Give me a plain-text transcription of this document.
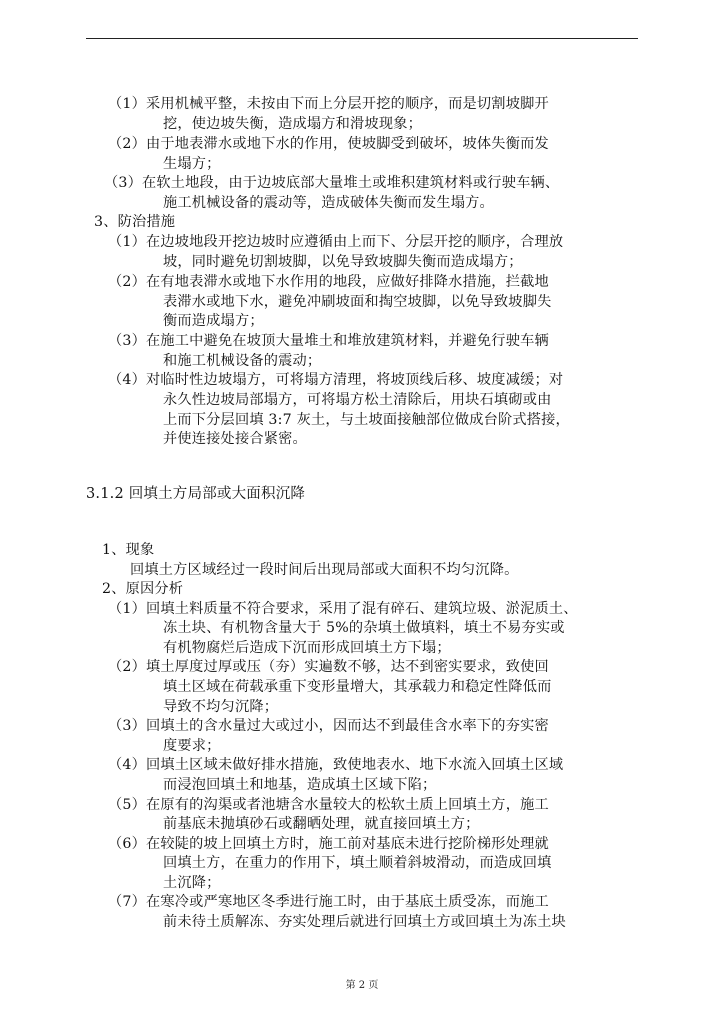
（1）采用机械平整，未按由下而上分层开挖的顺序，而是切割坡脚开
挖，使边坡失衡，造成塌方和滑坡现象；
（2）由于地表滞水或地下水的作用，使坡脚受到破坏，坡体失衡而发
生塌方；
（3）在软土地段，由于边坡底部大量堆土或堆积建筑材料或行驶车辆、
施工机械设备的震动等，造成破体失衡而发生塌方。
3、防治措施
（1）在边坡地段开挖边坡时应遵循由上而下、分层开挖的顺序，合理放
坡，同时避免切割坡脚，以免导致坡脚失衡而造成塌方；
（2）在有地表滞水或地下水作用的地段，应做好排降水措施，拦截地
表滞水或地下水，避免冲刷坡面和掏空坡脚，以免导致坡脚失
衡而造成塌方；
（3）在施工中避免在坡顶大量堆土和堆放建筑材料，并避免行驶车辆
和施工机械设备的震动；
（4）对临时性边坡塌方，可将塌方清理，将坡顶线后移、坡度减缓；对
永久性边坡局部塌方，可将塌方松土清除后，用块石填砌或由
上而下分层回填 3:7 灰土，与土坡面接触部位做成台阶式搭接，
并使连接处接合紧密。
3.1.2 回填土方局部或大面积沉降
1、现象
回填土方区域经过一段时间后出现局部或大面积不均匀沉降。
2、原因分析
（1）回填土料质量不符合要求，采用了混有碎石、建筑垃圾、淤泥质土、
冻土块、有机物含量大于 5%的杂填土做填料，填土不易夯实或
有机物腐烂后造成下沉而形成回填土方下塌；
（2）填土厚度过厚或压（夯）实遍数不够，达不到密实要求，致使回
填土区域在荷载承重下变形量增大，其承载力和稳定性降低而
导致不均匀沉降；
（3）回填土的含水量过大或过小，因而达不到最佳含水率下的夯实密
度要求；
（4）回填土区域未做好排水措施，致使地表水、地下水流入回填土区域
而浸泡回填土和地基，造成填土区域下陷；
（5）在原有的沟渠或者池塘含水量较大的松软土质上回填土方，施工
前基底未抛填砂石或翻晒处理，就直接回填土方；
（6）在较陡的坡上回填土方时，施工前对基底未进行挖阶梯形处理就
回填土方，在重力的作用下，填土顺着斜坡滑动，而造成回填
土沉降；
（7）在寒冷或严寒地区冬季进行施工时，由于基底土质受冻，而施工
前未待土质解冻、夯实处理后就进行回填土方或回填土为冻土块
第 2 页
